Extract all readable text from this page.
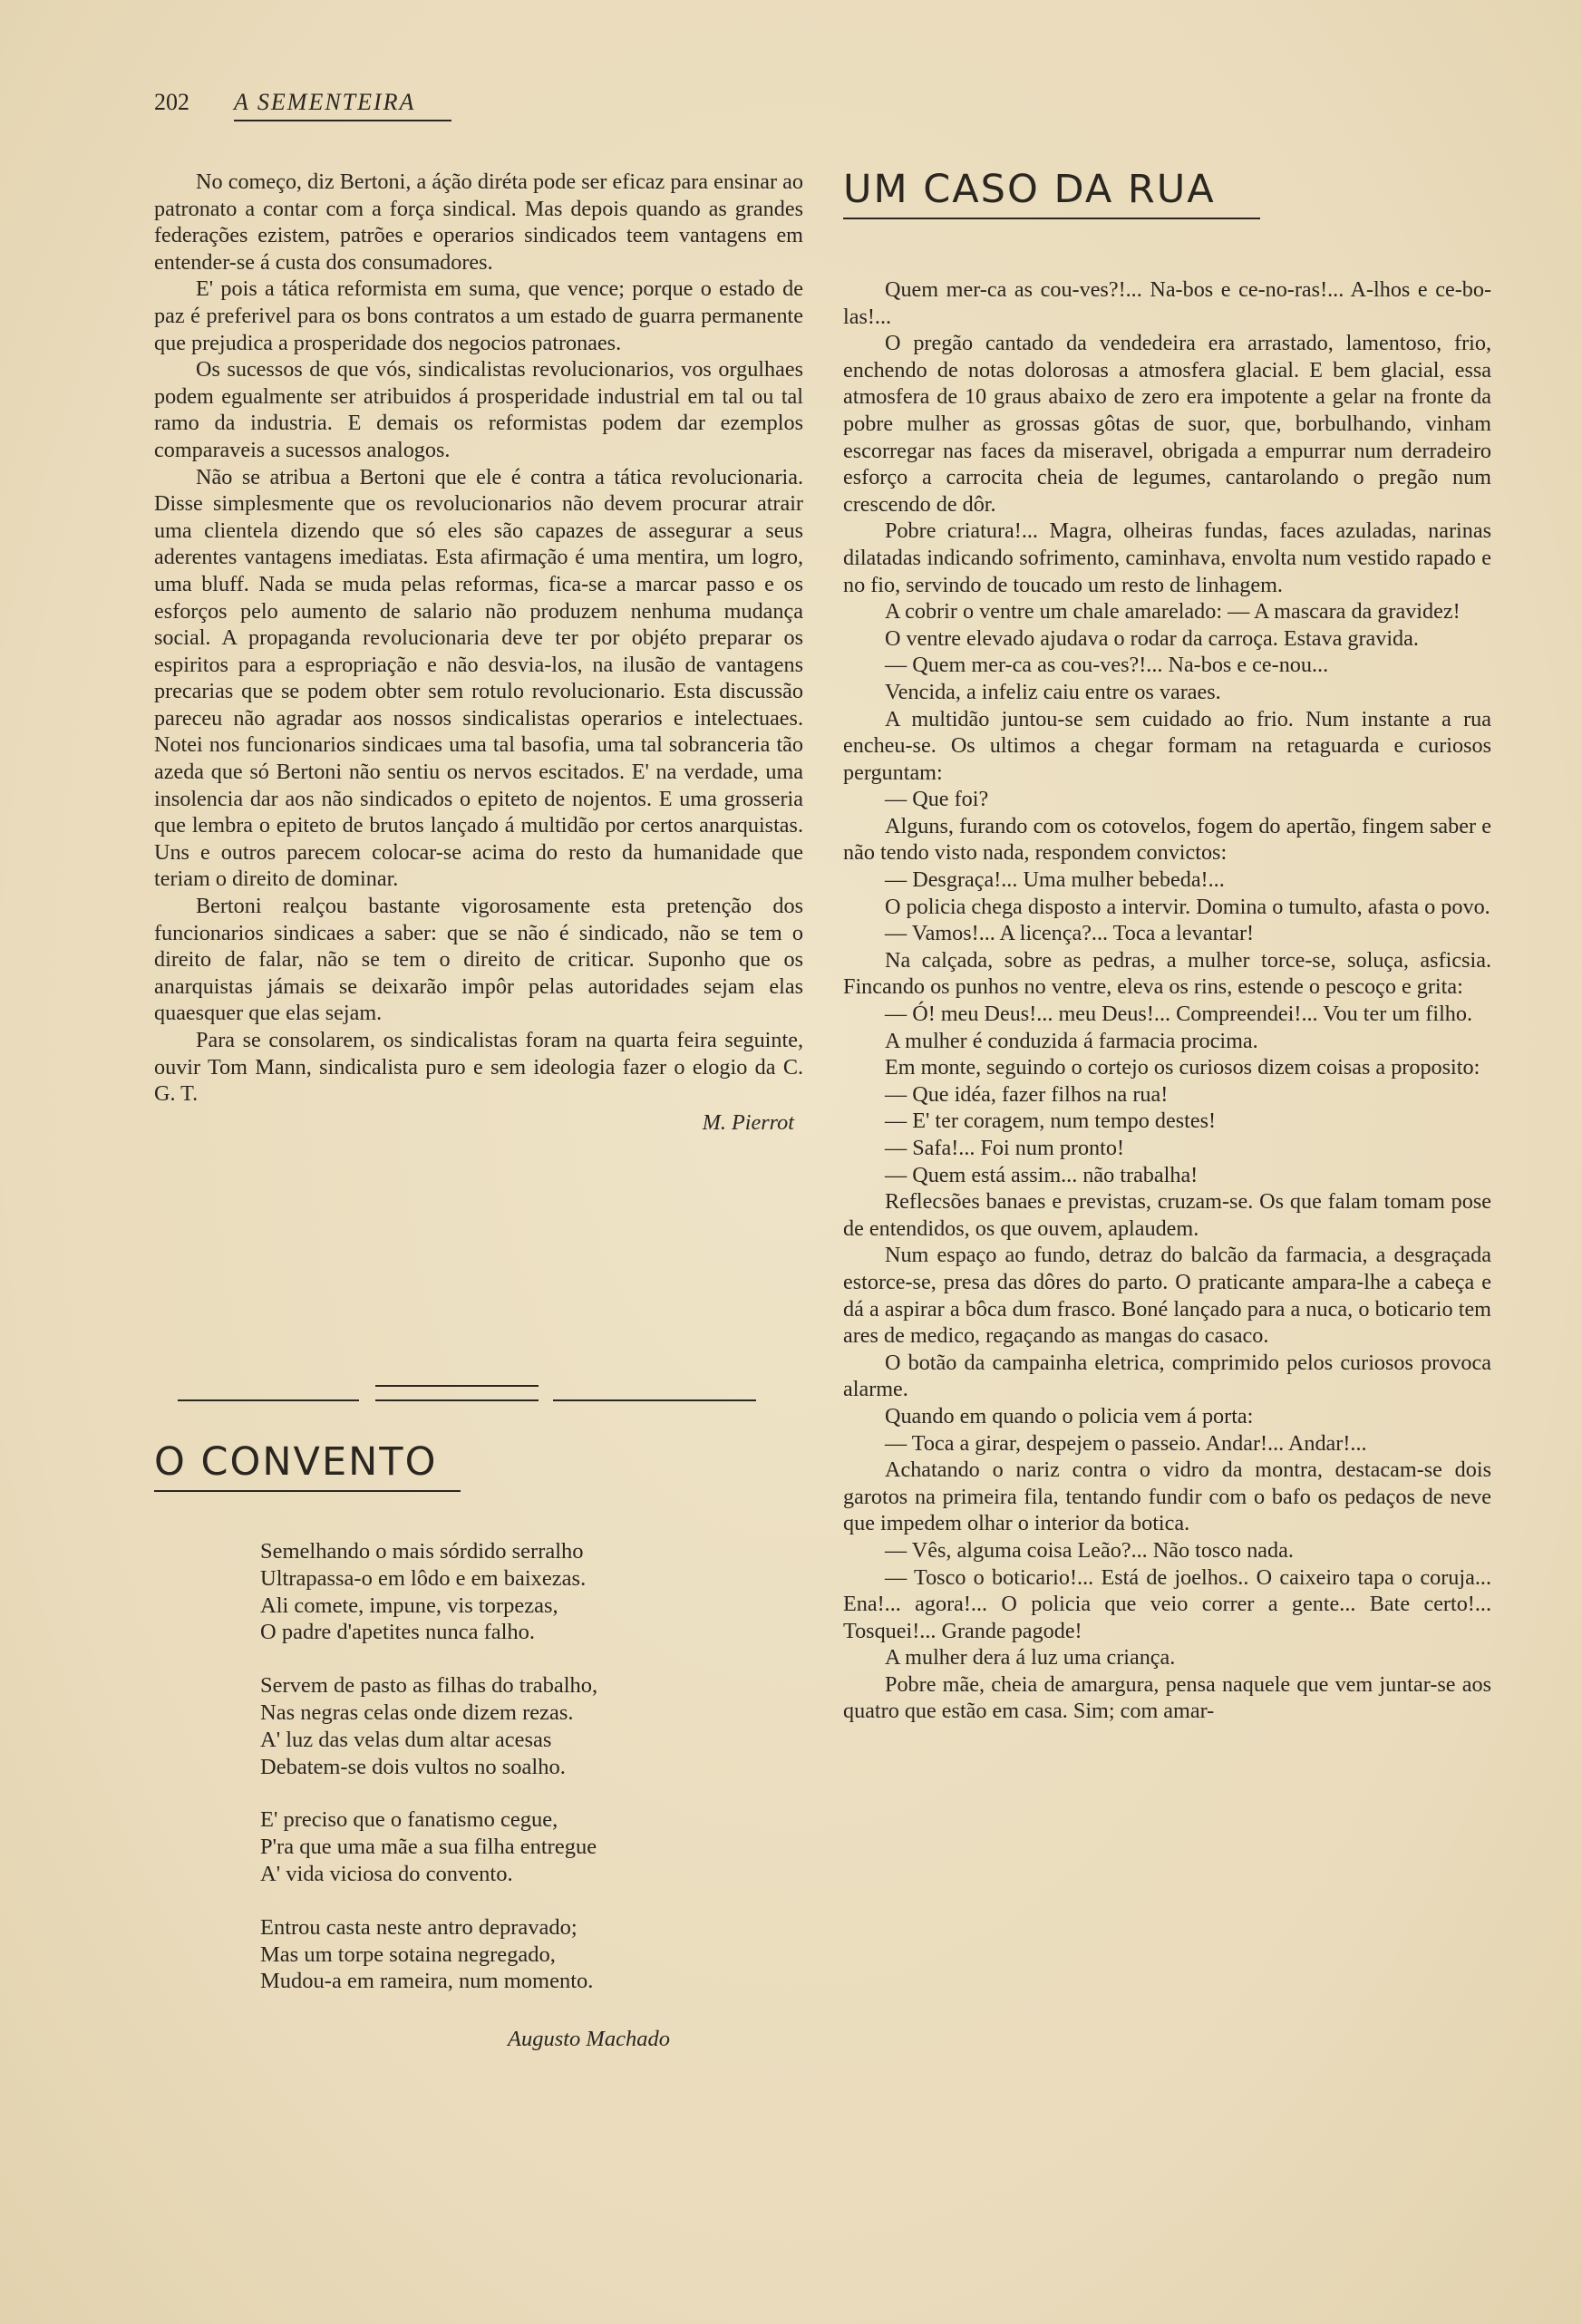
202 A SEMENTEIRA

No começo, diz Bertoni, a áção diréta pode ser eficaz para ensinar ao patronato a contar com a força sindical. Mas depois quando as grandes federações ezistem, patrões e operarios sindicados teem vantagens em entender-se á custa dos consumadores.

E' pois a tática reformista em suma, que vence; porque o estado de paz é preferivel para os bons contratos a um estado de guarra permanente que prejudica a prosperidade dos negocios patronaes.

Os sucessos de que vós, sindicalistas revolucionarios, vos orgulhaes podem egualmente ser atribuidos á prosperidade industrial em tal ou tal ramo da industria. E demais os reformistas podem dar ezemplos comparaveis a sucessos analogos.

Não se atribua a Bertoni que ele é contra a tática revolucionaria. Disse simplesmente que os revolucionarios não devem procurar atrair uma clientela dizendo que só eles são capazes de assegurar a seus aderentes vantagens imediatas. Esta afirmação é uma mentira, um logro, uma bluff. Nada se muda pelas reformas, fica-se a marcar passo e os esforços pelo aumento de salario não produzem nenhuma mudança social. A propaganda revolucionaria deve ter por objéto preparar os espiritos para a espropriação e não desvia-los, na ilusão de vantagens precarias que se podem obter sem rotulo revolucionario. Esta discussão pareceu não agradar aos nossos sindicalistas operarios e intelectuaes. Notei nos funcionarios sindicaes uma tal basofia, uma tal sobranceria tão azeda que só Bertoni não sentiu os nervos escitados. E' na verdade, uma insolencia dar aos não sindicados o epiteto de nojentos. E uma grosseria que lembra o epiteto de brutos lançado á multidão por certos anarquistas. Uns e outros parecem colocar-se acima do resto da humanidade que teriam o direito de dominar.

Bertoni realçou bastante vigorosamente esta pretenção dos funcionarios sindicaes a saber: que se não é sindicado, não se tem o direito de falar, não se tem o direito de criticar. Suponho que os anarquistas jámais se deixarão impôr pelas autoridades sejam elas quaesquer que elas sejam.

Para se consolarem, os sindicalistas foram na quarta feira seguinte, ouvir Tom Mann, sindicalista puro e sem ideologia fazer o elogio da C. G. T.

M. Pierrot
O CONVENTO
Semelhando o mais sórdido serralho
Ultrapassa-o em lôdo e em baixezas.
Ali comete, impune, vis torpezas,
O padre d'apetites nunca falho.
Servem de pasto as filhas do trabalho,
Nas negras celas onde dizem rezas.
A' luz das velas dum altar acesas
Debatem-se dois vultos no soalho.
E' preciso que o fanatismo cegue,
P'ra que uma mãe a sua filha entregue
A' vida viciosa do convento.
Entrou casta neste antro depravado;
Mas um torpe sotaina negregado,
Mudou-a em rameira, num momento.
Augusto Machado
UM CASO DA RUA

Quem mer-ca as cou-ves?!... Na-bos e ce-no-ras!... A-lhos e ce-bo-las!...

O pregão cantado da vendedeira era arrastado, lamentoso, frio, enchendo de notas dolorosas a atmosfera glacial. E bem glacial, essa atmosfera de 10 graus abaixo de zero era impotente a gelar na fronte da pobre mulher as grossas gôtas de suor, que, borbulhando, vinham escorregar nas faces da miseravel, obrigada a empurrar num derradeiro esforço a carrocita cheia de legumes, cantarolando o pregão num crescendo de dôr.

Pobre criatura!... Magra, olheiras fundas, faces azuladas, narinas dilatadas indicando sofrimento, caminhava, envolta num vestido rapado e no fio, servindo de toucado um resto de linhagem.

A cobrir o ventre um chale amarelado: — A mascara da gravidez!

O ventre elevado ajudava o rodar da carroça. Estava gravida.

— Quem mer-ca as cou-ves?!... Na-bos e ce-nou...

Vencida, a infeliz caiu entre os varaes.

A multidão juntou-se sem cuidado ao frio. Num instante a rua encheu-se. Os ultimos a chegar formam na retaguarda e curiosos perguntam:

— Que foi?

Alguns, furando com os cotovelos, fogem do apertão, fingem saber e não tendo visto nada, respondem convictos:

— Desgraça!... Uma mulher bebeda!...

O policia chega disposto a intervir. Domina o tumulto, afasta o povo.

— Vamos!... A licença?... Toca a levantar!

Na calçada, sobre as pedras, a mulher torce-se, soluça, asficsia. Fincando os punhos no ventre, eleva os rins, estende o pescoço e grita:

— Ó! meu Deus!... meu Deus!... Compreendei!... Vou ter um filho.

A mulher é conduzida á farmacia procima.

Em monte, seguindo o cortejo os curiosos dizem coisas a proposito:

— Que idéa, fazer filhos na rua!

— E' ter coragem, num tempo destes!

— Safa!... Foi num pronto!

— Quem está assim... não trabalha!

Reflecsões banaes e previstas, cruzam-se. Os que falam tomam pose de entendidos, os que ouvem, aplaudem.

Num espaço ao fundo, detraz do balcão da farmacia, a desgraçada estorce-se, presa das dôres do parto. O praticante ampara-lhe a cabeça e dá a aspirar a bôca dum frasco. Boné lançado para a nuca, o boticario tem ares de medico, regaçando as mangas do casaco.

O botão da campainha eletrica, comprimido pelos curiosos provoca alarme.

Quando em quando o policia vem á porta:

— Toca a girar, despejem o passeio. Andar!... Andar!...

Achatando o nariz contra o vidro da montra, destacam-se dois garotos na primeira fila, tentando fundir com o bafo os pedaços de neve que impedem olhar o interior da botica.

— Vês, alguma coisa Leão?... Não tosco nada.

— Tosco o boticario!... Está de joelhos.. O caixeiro tapa o coruja... Ena!... agora!... O policia que veio correr a gente... Bate certo!... Tosquei!... Grande pagode!

A mulher dera á luz uma criança.

Pobre mãe, cheia de amargura, pensa naquele que vem juntar-se aos quatro que estão em casa. Sim; com amar-
